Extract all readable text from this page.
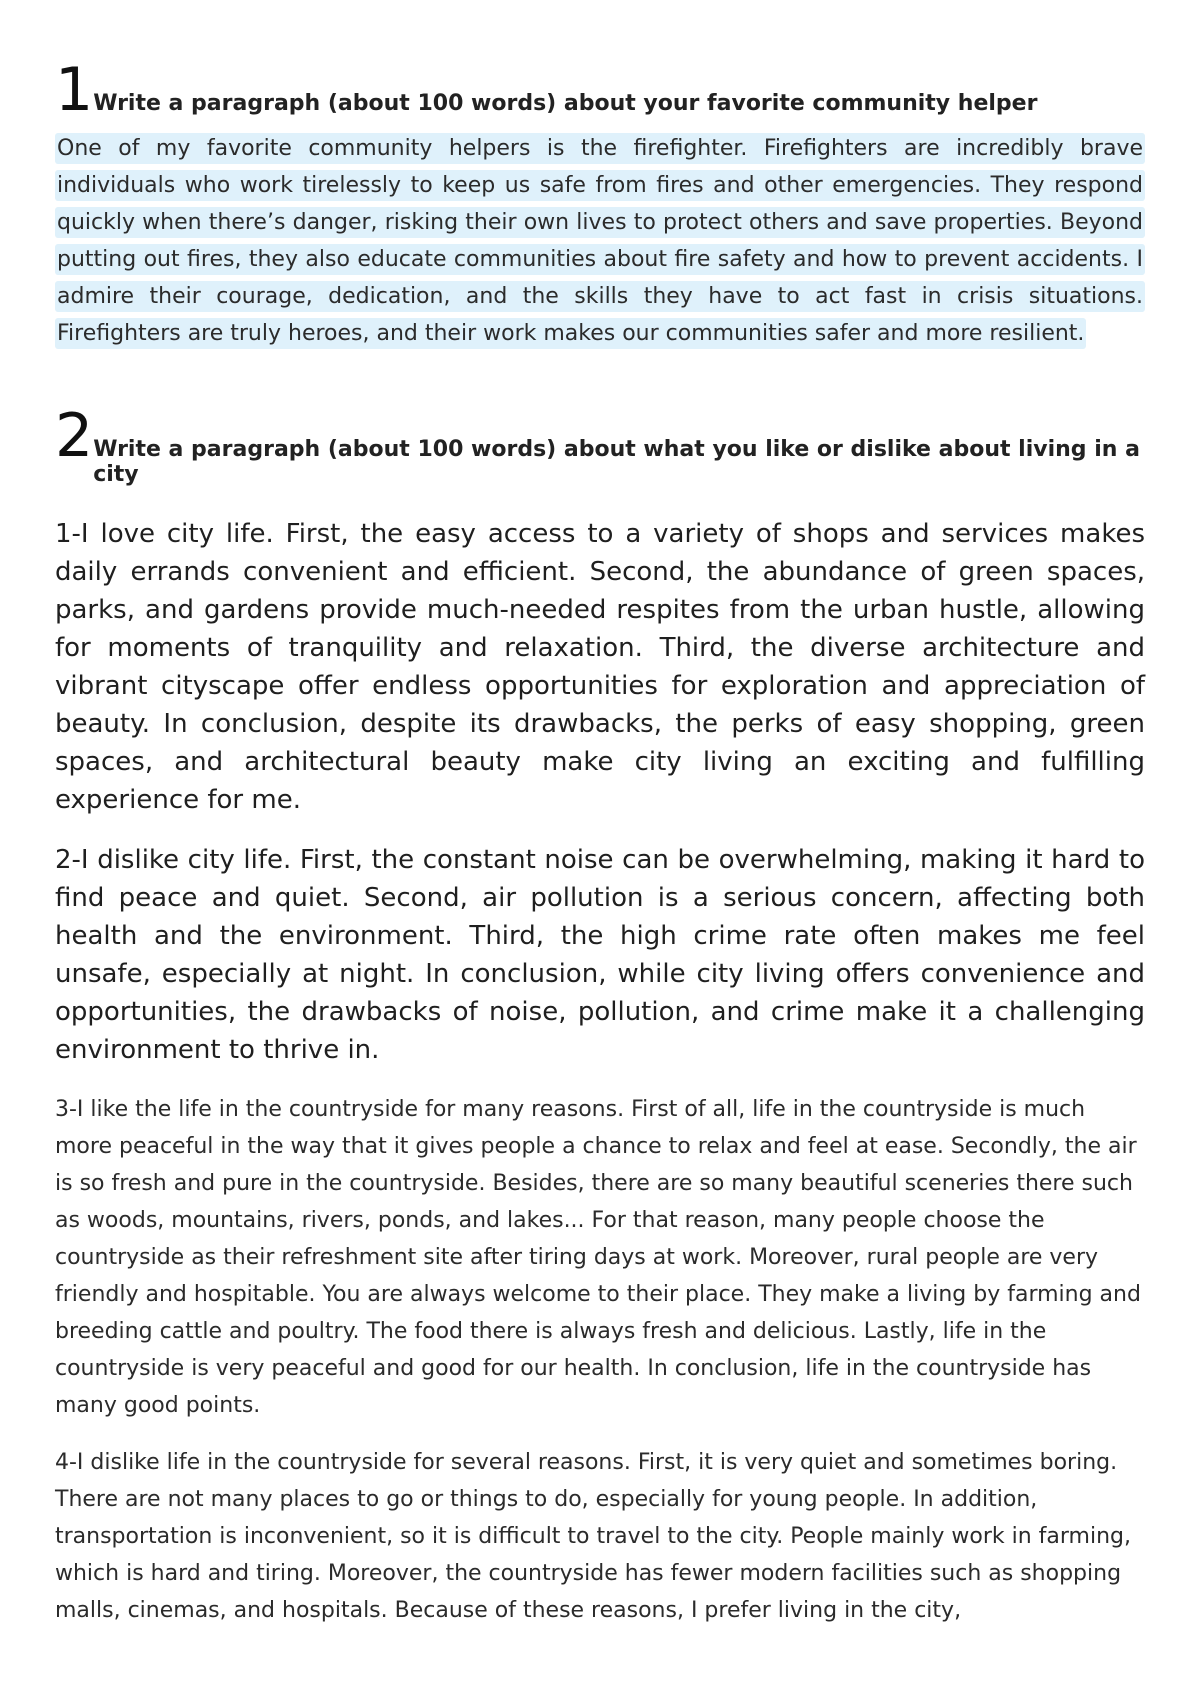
1 Write a paragraph (about 100 words) about your favorite community helper

One of my favorite community helpers is the firefighter. Firefighters are incredibly brave individuals who work tirelessly to keep us safe from fires and other emergencies. They respond quickly when there’s danger, risking their own lives to protect others and save properties. Beyond putting out fires, they also educate communities about fire safety and how to prevent accidents. I admire their courage, dedication, and the skills they have to act fast in crisis situations. Firefighters are truly heroes, and their work makes our communities safer and more resilient.

2 Write a paragraph (about 100 words) about what you like or dislike about living in a city

1-I love city life. First, the easy access to a variety of shops and services makes daily errands convenient and efficient. Second, the abundance of green spaces, parks, and gardens provide much-needed respites from the urban hustle, allowing for moments of tranquility and relaxation. Third, the diverse architecture and vibrant cityscape offer endless opportunities for exploration and appreciation of beauty. In conclusion, despite its drawbacks, the perks of easy shopping, green spaces, and architectural beauty make city living an exciting and fulfilling experience for me.

2-I dislike city life. First, the constant noise can be overwhelming, making it hard to find peace and quiet. Second, air pollution is a serious concern, affecting both health and the environment. Third, the high crime rate often makes me feel unsafe, especially at night. In conclusion, while city living offers convenience and opportunities, the drawbacks of noise, pollution, and crime make it a challenging environment to thrive in.

3-I like the life in the countryside for many reasons. First of all, life in the countryside is much more peaceful in the way that it gives people a chance to relax and feel at ease. Secondly, the air is so fresh and pure in the countryside. Besides, there are so many beautiful sceneries there such as woods, mountains, rivers, ponds, and lakes... For that reason, many people choose the countryside as their refreshment site after tiring days at work. Moreover, rural people are very friendly and hospitable. You are always welcome to their place. They make a living by farming and breeding cattle and poultry. The food there is always fresh and delicious. Lastly, life in the countryside is very peaceful and good for our health. In conclusion, life in the countryside has many good points.

4-I dislike life in the countryside for several reasons. First, it is very quiet and sometimes boring. There are not many places to go or things to do, especially for young people. In addition, transportation is inconvenient, so it is difficult to travel to the city. People mainly work in farming, which is hard and tiring. Moreover, the countryside has fewer modern facilities such as shopping malls, cinemas, and hospitals. Because of these reasons, I prefer living in the city,
